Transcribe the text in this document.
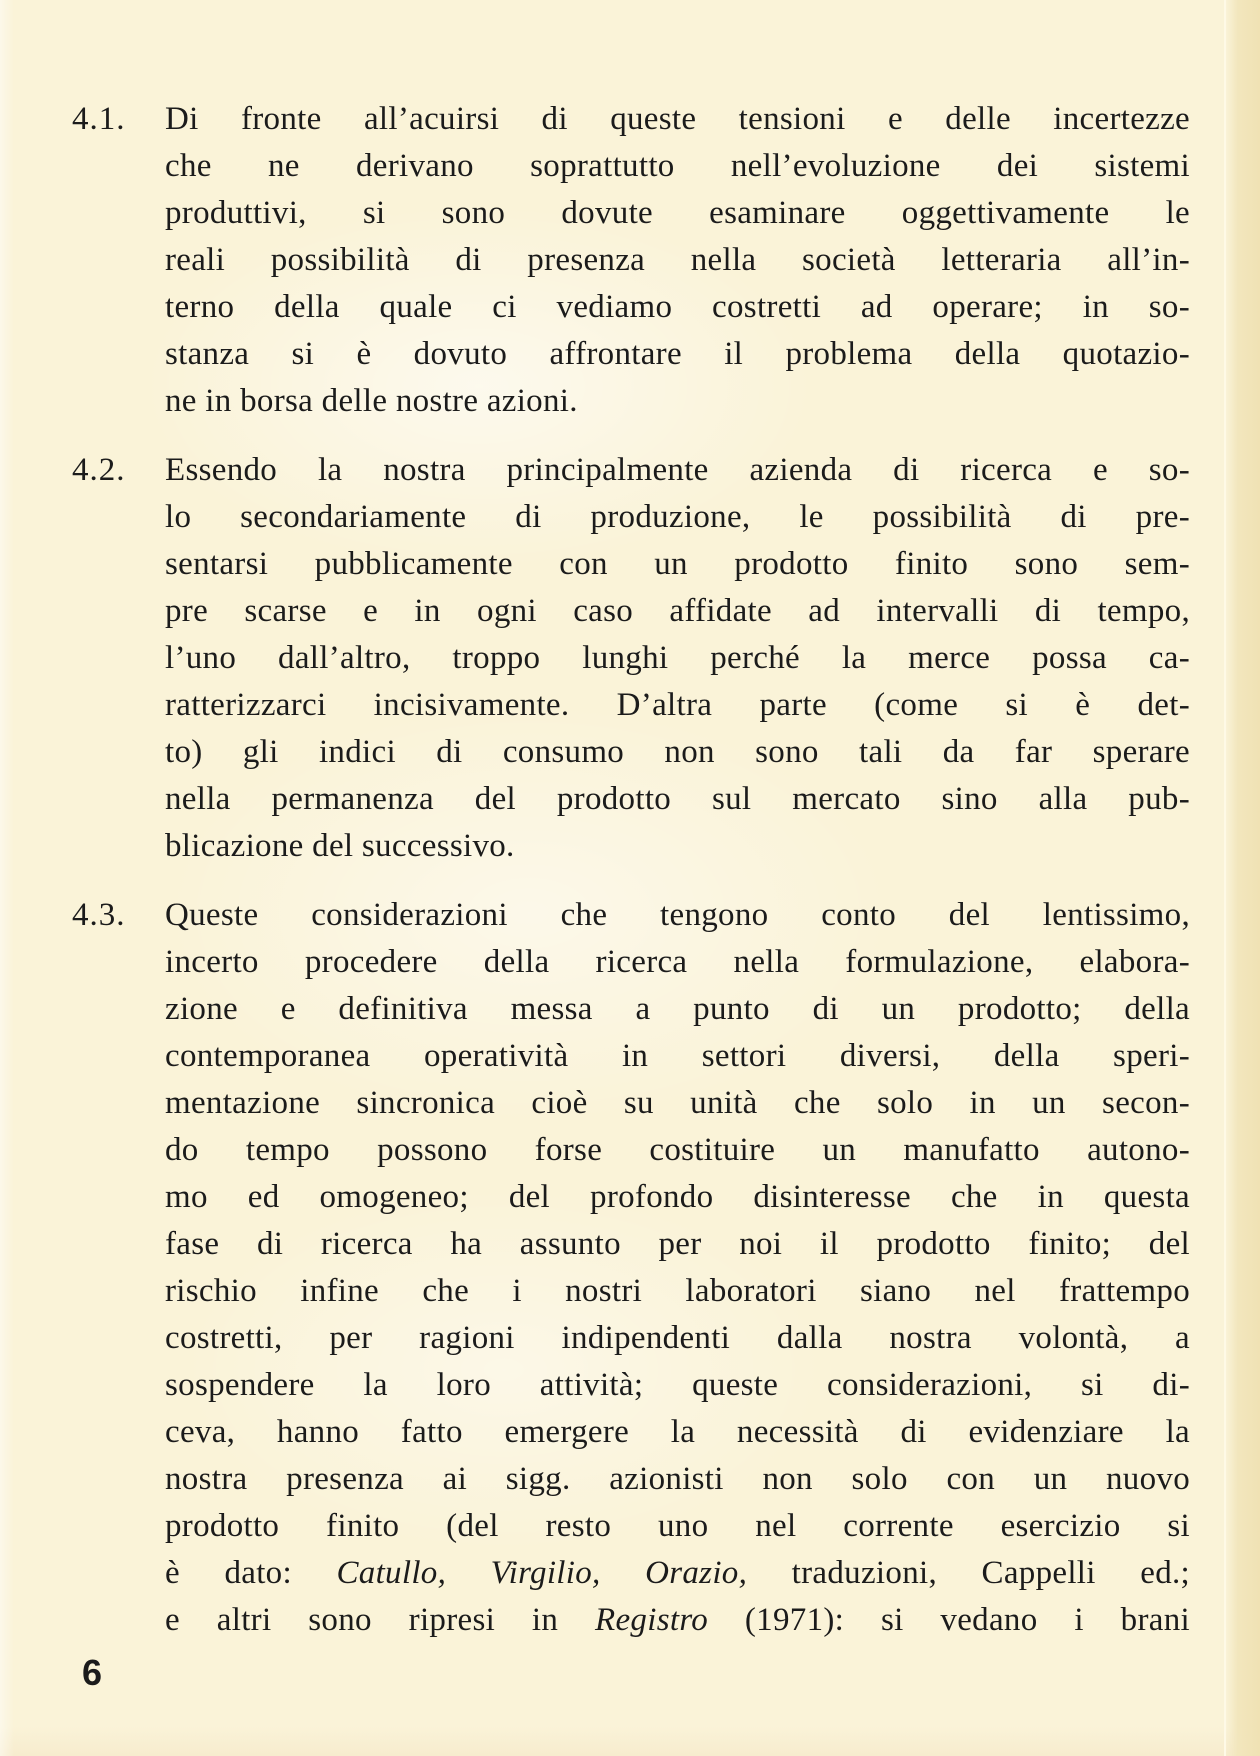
4.1.	Di fronte all’acuirsi di queste tensioni e delle incertezze
che ne derivano soprattutto nell’evoluzione dei sistemi
produttivi, si sono dovute esaminare oggettivamente le
reali possibilità di presenza nella società letteraria all’in-
terno della quale ci vediamo costretti ad operare; in so-
stanza si è dovuto affrontare il problema della quotazio-
ne in borsa delle nostre azioni.
4.2.	Essendo la nostra principalmente azienda di ricerca e so-
lo secondariamente di produzione, le possibilità di pre-
sentarsi pubblicamente con un prodotto finito sono sem-
pre scarse e in ogni caso affidate ad intervalli di tempo,
l’uno dall’altro, troppo lunghi perché la merce possa ca-
ratterizzarci incisivamente. D’altra parte (come si è det-
to) gli indici di consumo non sono tali da far sperare
nella permanenza del prodotto sul mercato sino alla pub-
blicazione del successivo.
4.3.	Queste considerazioni che tengono conto del lentissimo,
incerto procedere della ricerca nella formulazione, elabora-
zione e definitiva messa a punto di un prodotto; della
contemporanea operatività in settori diversi, della speri-
mentazione sincronica cioè su unità che solo in un secon-
do tempo possono forse costituire un manufatto autono-
mo ed omogeneo; del profondo disinteresse che in questa
fase di ricerca ha assunto per noi il prodotto finito; del
rischio infine che i nostri laboratori siano nel frattempo
costretti, per ragioni indipendenti dalla nostra volontà, a
sospendere la loro attività; queste considerazioni, si di-
ceva, hanno fatto emergere la necessità di evidenziare la
nostra presenza ai sigg. azionisti non solo con un nuovo
prodotto finito (del resto uno nel corrente esercizio si
è dato: Catullo, Virgilio, Orazio, traduzioni, Cappelli ed.;
e altri sono ripresi in Registro (1971): si vedano i brani
6
